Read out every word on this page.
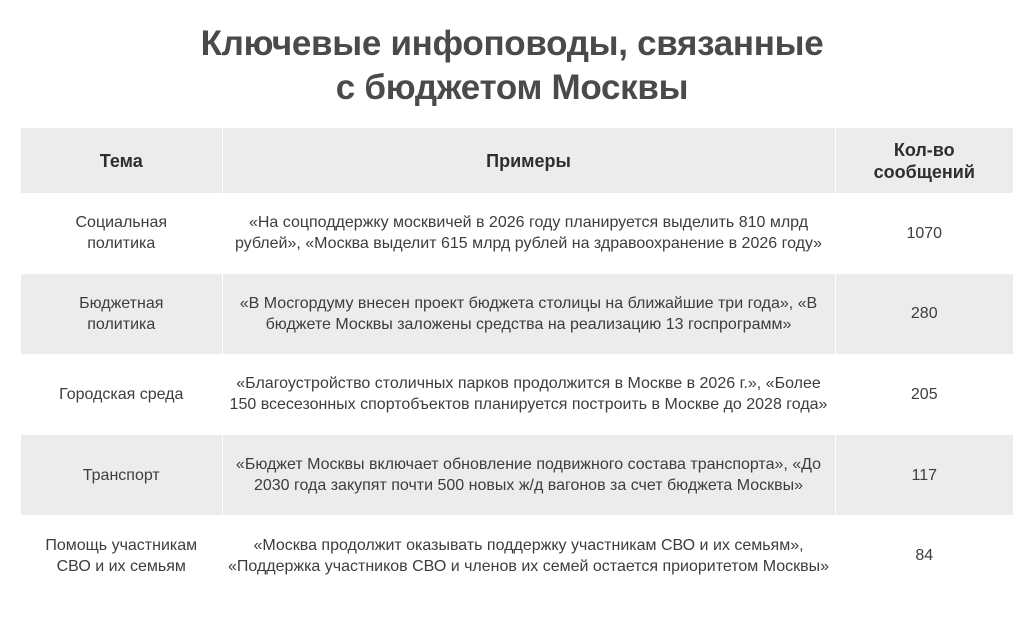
Ключевые инфоповоды, связанные
с бюджетом Москвы
Тема	Примеры	Кол-во сообщений
Социальная политика	«На соцподдержку москвичей в 2026 году планируется выделить 810 млрд рублей», «Москва выделит 615 млрд рублей на здравоохранение в 2026 году»	1070
Бюджетная политика	«В Мосгордуму внесен проект бюджета столицы на ближайшие три года», «В бюджете Москвы заложены средства на реализацию 13 госпрограмм»	280
Городская среда	«Благоустройство столичных парков продолжится в Москве в 2026 г.», «Более 150 всесезонных спортобъектов планируется построить в Москве до 2028 года»	205
Транспорт	«Бюджет Москвы включает обновление подвижного состава транспорта», «До 2030 года закупят почти 500 новых ж/д вагонов за счет бюджета Москвы»	117
Помощь участникам СВО и их семьям	«Москва продолжит оказывать поддержку участникам СВО и их семьям», «Поддержка участников СВО и членов их семей остается приоритетом Москвы»	84
